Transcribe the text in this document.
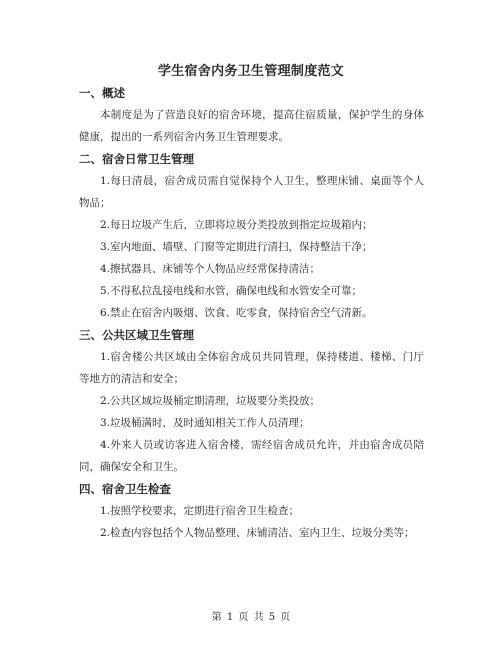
学生宿舍内务卫生管理制度范文
一、概述

本制度是为了营造良好的宿舍环境，提高住宿质量，保护学生的身体健康，提出的一系列宿舍内务卫生管理要求。

二、宿舍日常卫生管理

1.每日清晨，宿舍成员需自觉保持个人卫生，整理床铺、桌面等个人物品；

2.每日垃圾产生后，立即将垃圾分类投放到指定垃圾箱内；

3.室内地面、墙壁、门窗等定期进行清扫，保持整洁干净；

4.擦拭器具、床铺等个人物品应经常保持清洁；

5.不得私拉乱接电线和水管，确保电线和水管安全可靠；

6.禁止在宿舍内吸烟、饮食、吃零食，保持宿舍空气清新。

三、公共区域卫生管理

1.宿舍楼公共区域由全体宿舍成员共同管理，保持楼道、楼梯、门厅等地方的清洁和安全；

2.公共区域垃圾桶定期清理，垃圾要分类投放；

3.垃圾桶满时，及时通知相关工作人员清理；

4.外来人员或访客进入宿舍楼，需经宿舍成员允许，并由宿舍成员陪同，确保安全和卫生。

四、宿舍卫生检查

1.按照学校要求，定期进行宿舍卫生检查；

2.检查内容包括个人物品整理、床铺清洁、室内卫生、垃圾分类等；

第 1 页 共 5 页
